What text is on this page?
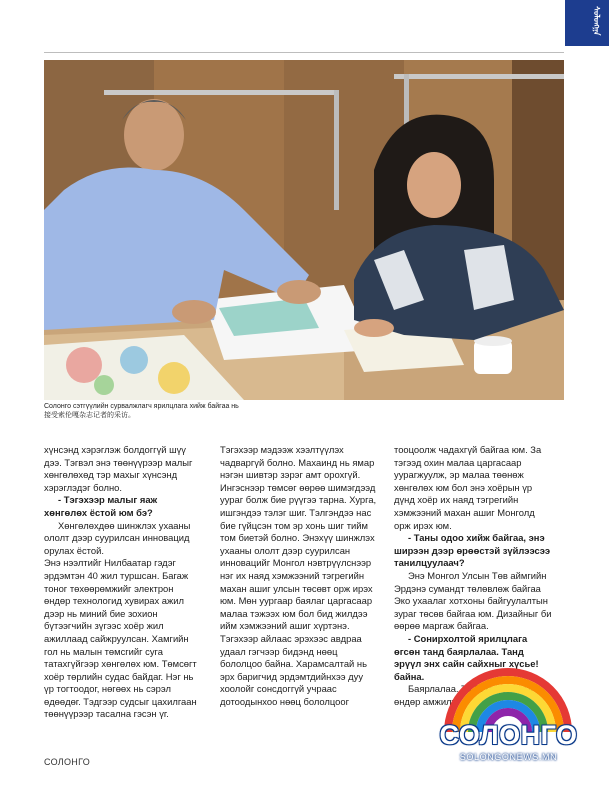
ᠰᠣᠯᠣᠩᠭ᠋ᠠ
Солонго сэтгүүлийн сурвалжлагч ярилцлага хийж байгаа нь
接受索伦嘎杂志记者的采访。

хүнсэнд хэрэглэж болдоггүй шүү дээ. Тэгвэл энэ төөнүүрээр малыг хөнгөлөхөд тэр махыг хүнсэнд хэрэглэдэг болно.

- Тэгэхээр малыг яаж хөнгөлөх ёстой юм бэ?

Хөнгөлөхдөө шинжлэх ухааны ололт дээр суурилсан инновацид орулах ёстой.

Энэ нээлтийг Нилбаатар гэдэг эрдэмтэн 40 жил туршсан. Багаж тоног төхөөрөмжийг электрон өндөр технологид хувирах ажил дээр нь миний бие зохион бүтээгчийн зүгээс хоёр жил ажиллаад сайжруулсан. Хамгийн гол нь малын төмсгийг суга татахгүйгээр хөнгөлөх юм. Төмсөгт хоёр төрлийн судас байдаг. Нэг нь үр тогтоодог, нөгөөх нь сэрэл өдөөдөг. Тэдгээр судсыг цахилгаан төөнүүрээр тасална гэсэн үг.

Тэгэхээр мэдээж хээлтүүлэх чадваргүй болно. Махаинд нь ямар нэгэн шивтэр зэрэг амт орохгүй. Ингэснээр төмсөг өөрөө шимэгдээд уураг болж бие рүүгээ тарна. Хурга, ишгэндээ тэлэг шиг. Тэлгэндээ нас бие гүйцсэн том эр хонь шиг тийм том биетэй болно. Энэхүү шинжлэх ухааны ололт дээр суурилсан инновацийг Монгол нэвтрүүлснээр нэг их наяд хэмжээний тэгрегийн махан ашиг улсын төсөвт орж ирэх юм. Мөн уургаар баялаг царгасаар малаа тэжээх юм бол бид жилдээ ийм хэмжээний ашиг хүртэнэ. Тэгэхээр айлаас эрэхээс авдраа удаал гэгчээр бидэнд нөөц бололцоо байна. Харамсалтай нь эрх баригчид эрдэмтдийнхээ дуу хоолойг сонсдоггүй учраас дотоодынхоо нөөц бололцоог

тооцоолж чадахгүй байгаа юм. За тэгээд охин малаа царгасаар уурагжуулж, эр малаа төөнөж хөнгөлөх юм бол энэ хоёрын үр дүнд хоёр их наяд тэгрегийн хэмжээний махан ашиг Монголд орж ирэх юм.

- Таны одоо хийж байгаа, энэ ширээн дээр өрөөстэй зүйлээсээ танилцуулаач?

Энэ Монгол Улсын Төв аймгийн Эрдэнэ сумандт төлөвлөж байгаа Эко ухаалаг хотхоны байгуулалтын зураг төсөв байгаа юм. Дизайныг би өөрөө маргаж байгаа.

- Сонирхолтой ярилцлага өгсөн танд баярлалаа. Танд эрүүл энх сайн сайхныг хүсье!

байна.

Баярлалаа. Та бүхэнд ажлын өндөр амжилт

СОЛОНГО
СОЛОНГО
SOLONGONEWS.MN
